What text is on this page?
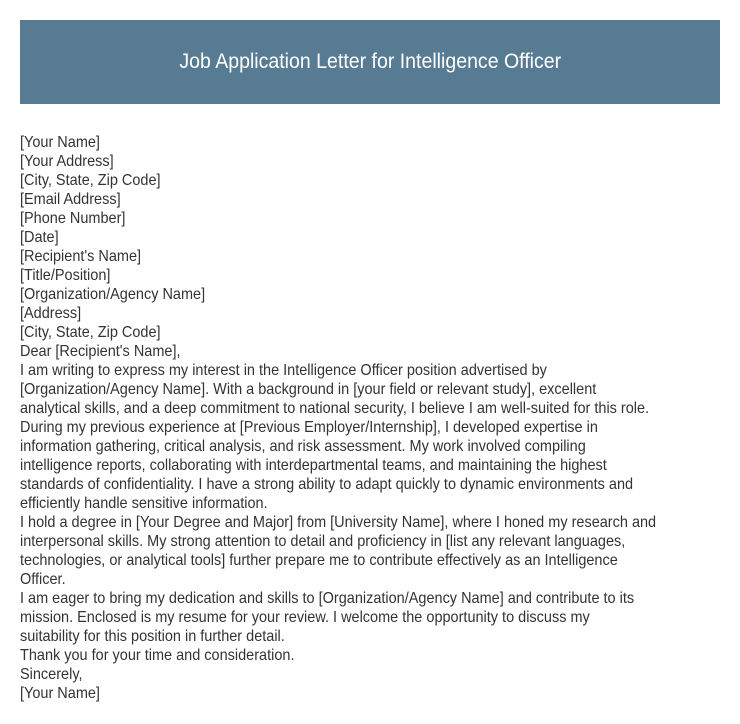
Job Application Letter for Intelligence Officer
[Your Name]
[Your Address]
[City, State, Zip Code]
[Email Address]
[Phone Number]
[Date]
[Recipient's Name]
[Title/Position]
[Organization/Agency Name]
[Address]
[City, State, Zip Code]
Dear [Recipient's Name],
I am writing to express my interest in the Intelligence Officer position advertised by
[Organization/Agency Name]. With a background in [your field or relevant study], excellent
analytical skills, and a deep commitment to national security, I believe I am well-suited for this role.
During my previous experience at [Previous Employer/Internship], I developed expertise in
information gathering, critical analysis, and risk assessment. My work involved compiling
intelligence reports, collaborating with interdepartmental teams, and maintaining the highest
standards of confidentiality. I have a strong ability to adapt quickly to dynamic environments and
efficiently handle sensitive information.
I hold a degree in [Your Degree and Major] from [University Name], where I honed my research and
interpersonal skills. My strong attention to detail and proficiency in [list any relevant languages,
technologies, or analytical tools] further prepare me to contribute effectively as an Intelligence
Officer.
I am eager to bring my dedication and skills to [Organization/Agency Name] and contribute to its
mission. Enclosed is my resume for your review. I welcome the opportunity to discuss my
suitability for this position in further detail.
Thank you for your time and consideration.
Sincerely,
[Your Name]
